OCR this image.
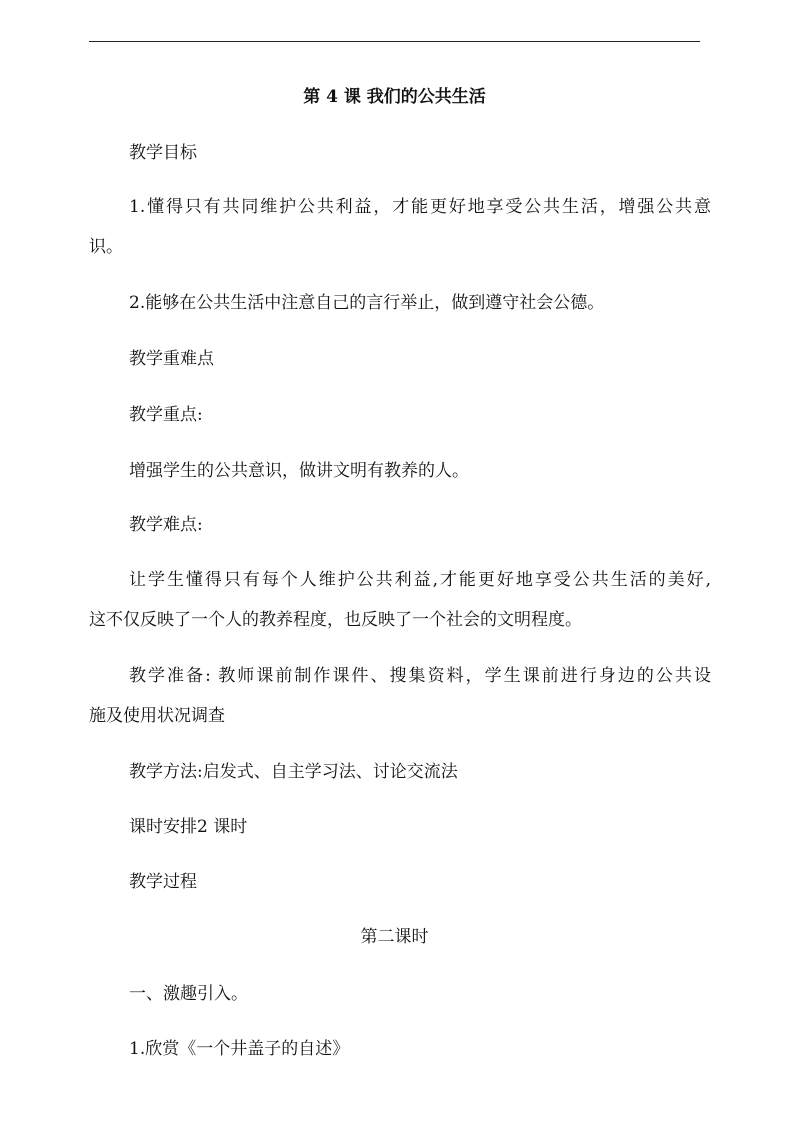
第 4 课 我们的公共生活
教学目标
1.懂得只有共同维护公共利益，才能更好地享受公共生活，增强公共意
识。
2.能够在公共生活中注意自己的言行举止，做到遵守社会公德。
教学重难点
教学重点:
增强学生的公共意识，做讲文明有教养的人。
教学难点:
让学生懂得只有每个人维护公共利益,才能更好地享受公共生活的美好,
这不仅反映了一个人的教养程度，也反映了一个社会的文明程度。
教学准备: 教师课前制作课件、搜集资料，学生课前进行身边的公共设
施及使用状况调查
教学方法:启发式、自主学习法、讨论交流法
课时安排2 课时
教学过程
第二课时
一、激趣引入。
1.欣赏《一个井盖子的自述》
